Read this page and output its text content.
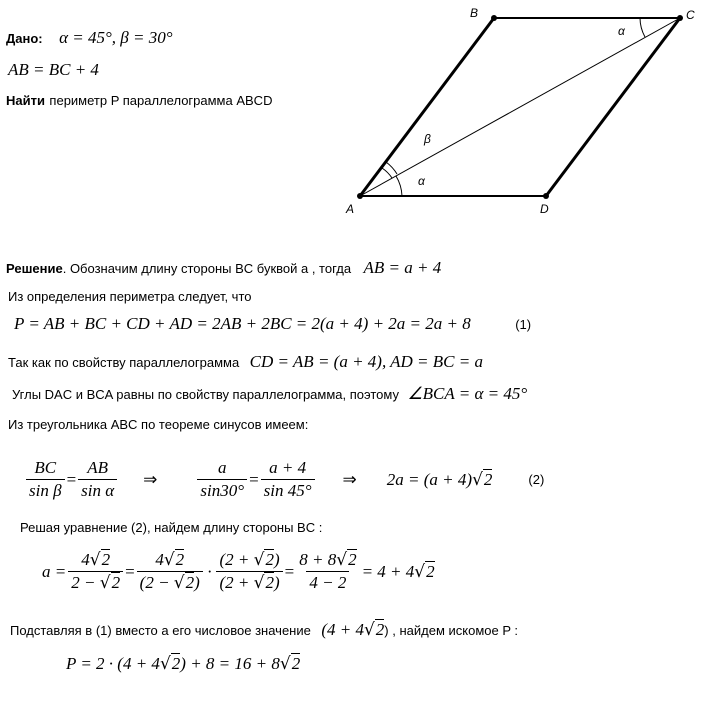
Дано: α = 45°, β = 30°
AB = BC + 4
Найти периметр P параллелограмма ABCD
B	C
A	D
α
β
α
Решение. Обозначим длину стороны BC буквой a , тогда AB = a + 4
Из определения периметра следует, что
P = AB + BC + CD + AD = 2AB + 2BC = 2(a + 4) + 2a = 2a + 8	(1)
Так как по свойству параллелограмма CD = AB = (a + 4), AD = BC = a
Углы DAC и BCA равны по свойству параллелограмма, поэтому ∠BCA = α = 45°
Из треугольника ABC по теореме синусов имеем:
$\frac{BC}{\text{sin β}} = \frac{AB}{\text{sin α}}$ ⇒ $\frac{a}{\sin 30^\circ} = \frac{a + 4}{\sin 45^\circ}$ ⇒ 2a = (a + 4) √ 2	(2)
Решая уравнение (2), найдем длину стороны BC :
$a = \frac{4√2}{2 - √2} = \frac{4√2}{(2 - √2)} \cdot \frac{(2 + √2)}{(2 + √2)} = \frac{8 + 8√2}{4 - 2} = 4 + 4$ √ 2
Подставляя в (1) вместо a его числовое значение (4 + 4√2) , найдем искомое P :
P = 2 · (4 + 4√2) + 8 = 16 + 8√2
